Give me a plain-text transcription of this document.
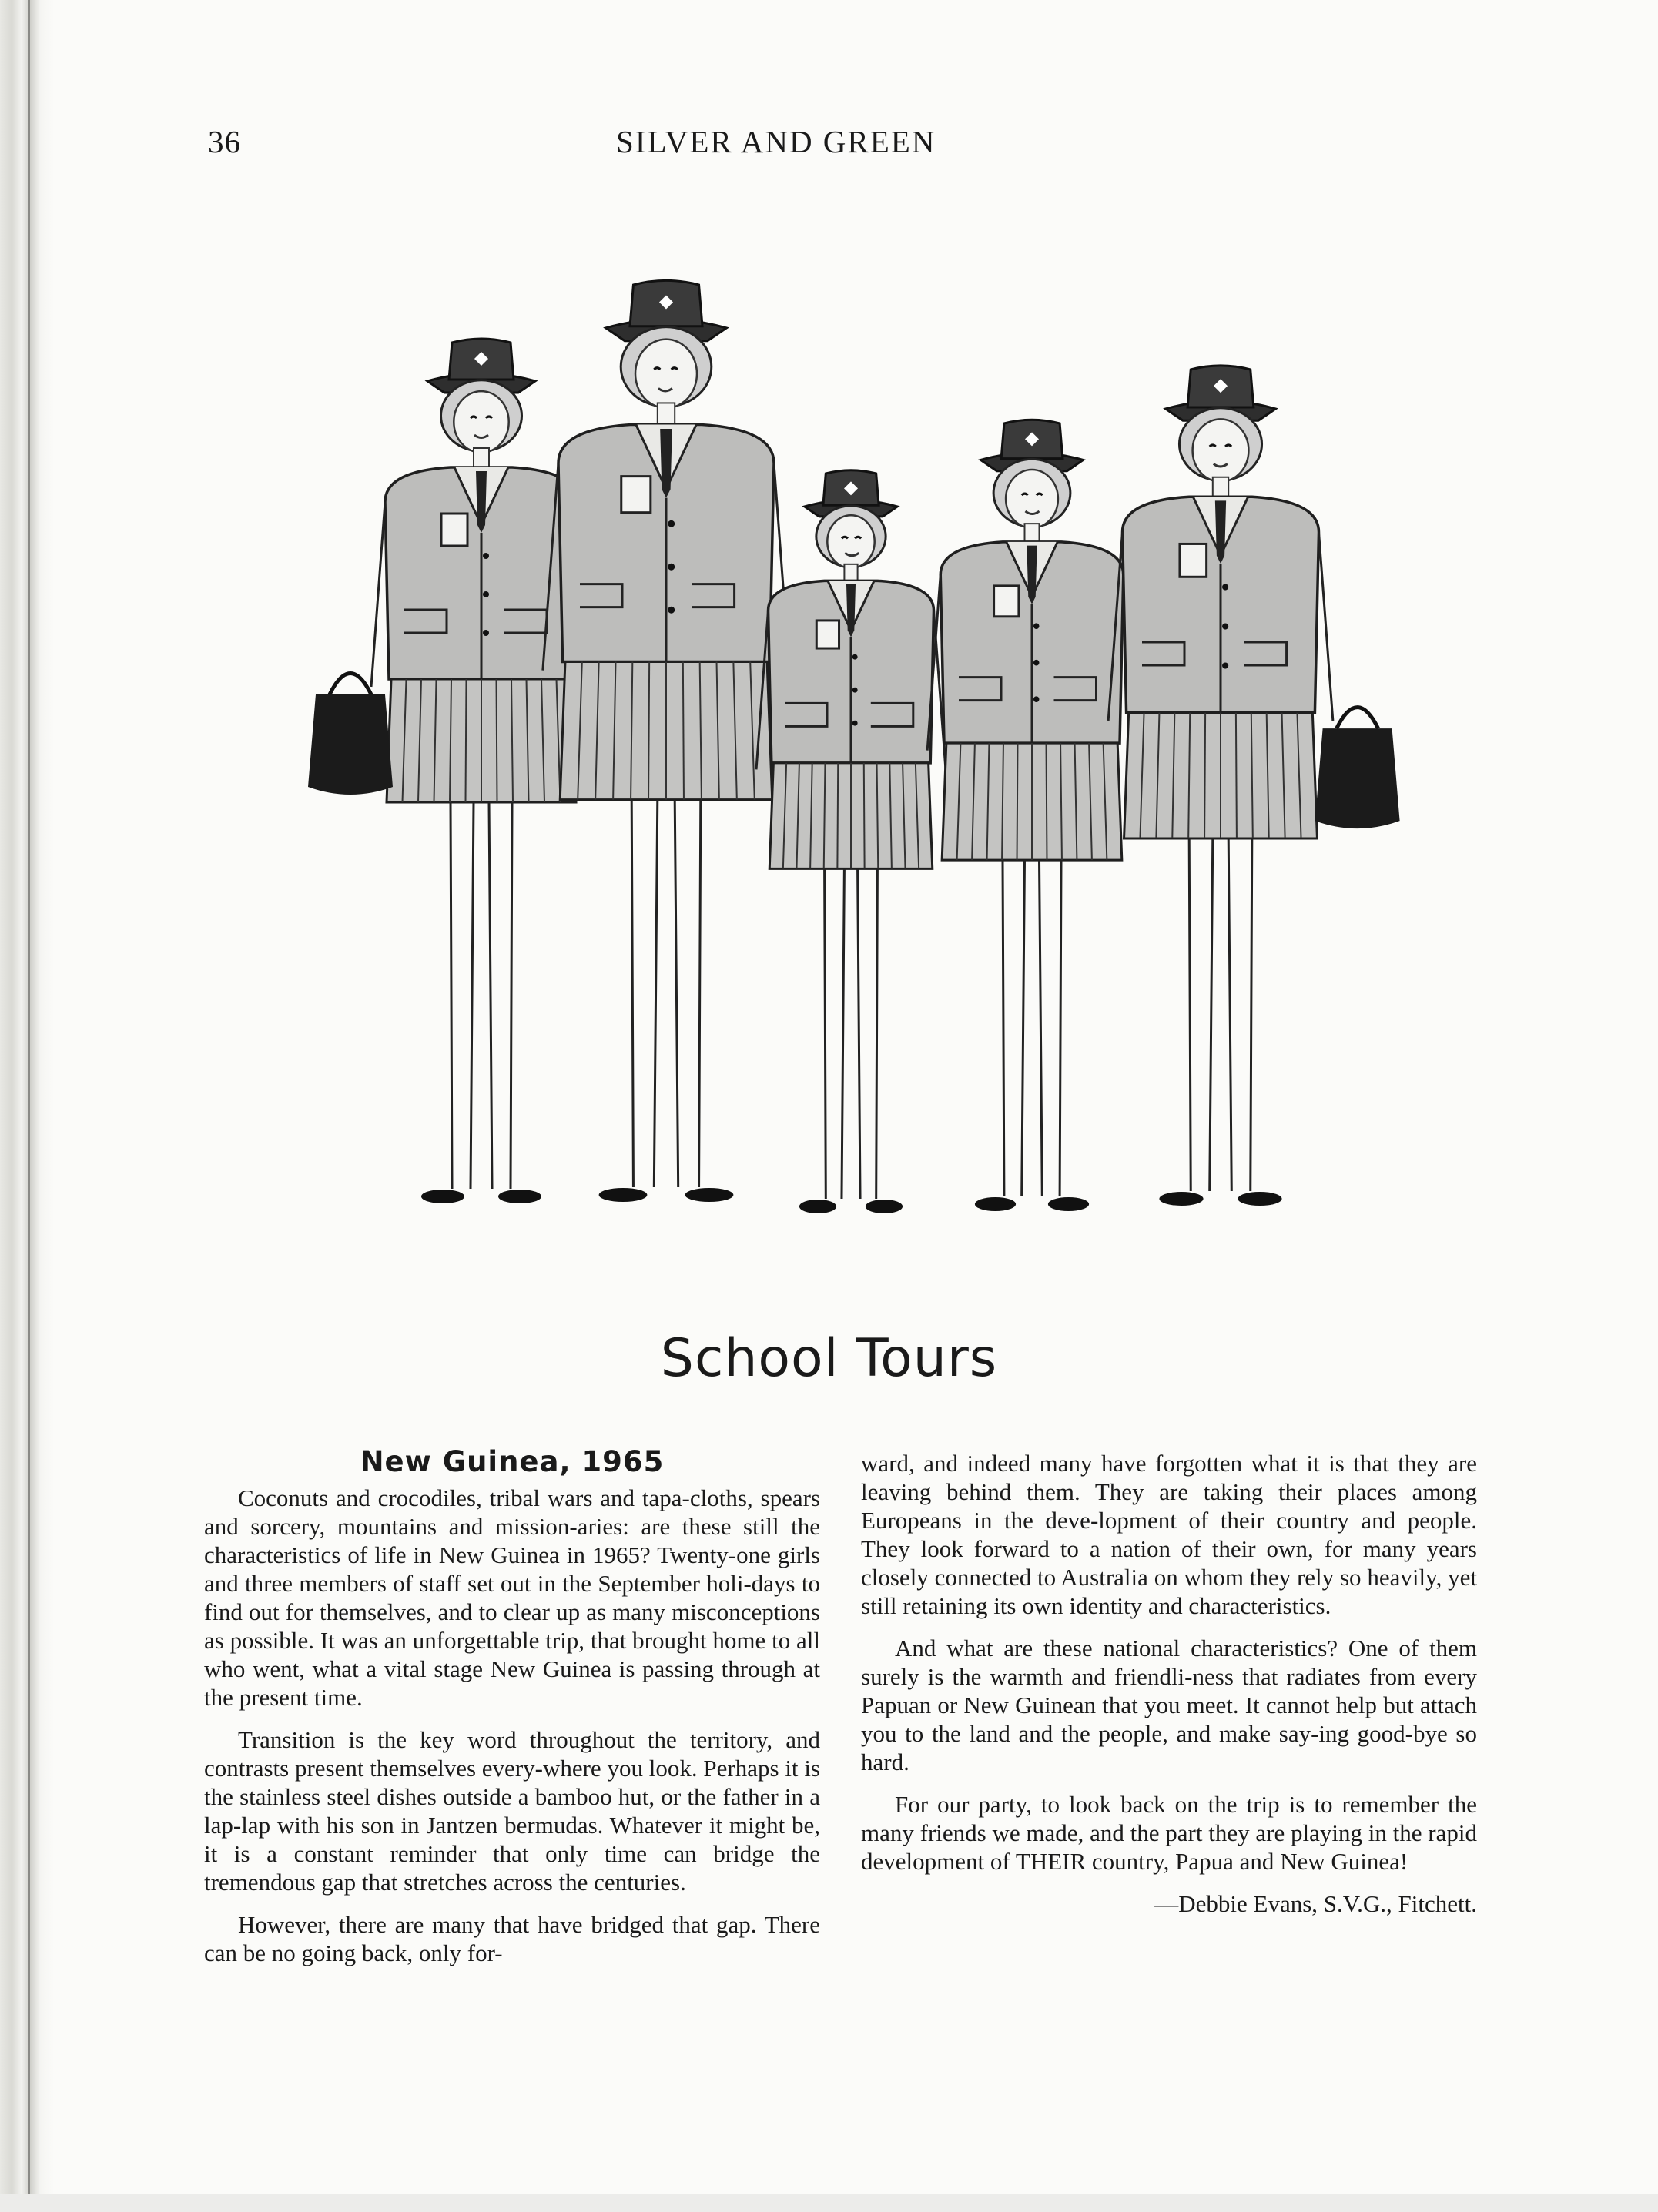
36	SILVER AND GREEN
School Tours
New Guinea, 1965

Coconuts and crocodiles, tribal wars and tapa-cloths, spears and sorcery, mountains and mission-aries: are these still the characteristics of life in New Guinea in 1965? Twenty-one girls and three members of staff set out in the September holi-days to find out for themselves, and to clear up as many misconceptions as possible. It was an unforgettable trip, that brought home to all who went, what a vital stage New Guinea is passing through at the present time.

Transition is the key word throughout the territory, and contrasts present themselves every-where you look. Perhaps it is the stainless steel dishes outside a bamboo hut, or the father in a lap-lap with his son in Jantzen bermudas. Whatever it might be, it is a constant reminder that only time can bridge the tremendous gap that stretches across the centuries.

However, there are many that have bridged that gap. There can be no going back, only for-

ward, and indeed many have forgotten what it is that they are leaving behind them. They are taking their places among Europeans in the deve-lopment of their country and people. They look forward to a nation of their own, for many years closely connected to Australia on whom they rely so heavily, yet still retaining its own identity and characteristics.

And what are these national characteristics? One of them surely is the warmth and friendli-ness that radiates from every Papuan or New Guinean that you meet. It cannot help but attach you to the land and the people, and make say-ing good-bye so hard.

For our party, to look back on the trip is to remember the many friends we made, and the part they are playing in the rapid development of THEIR country, Papua and New Guinea!

—Debbie Evans, S.V.G., Fitchett.
